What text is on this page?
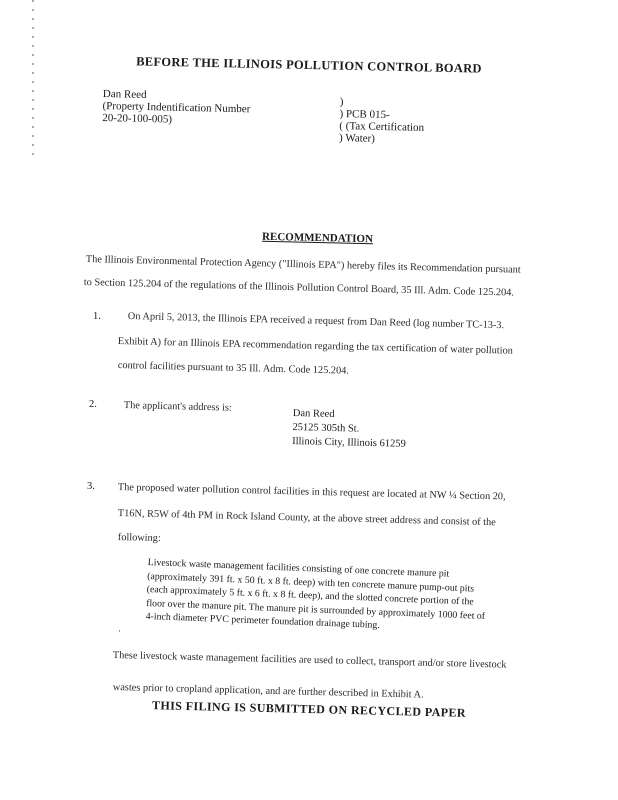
BEFORE THE ILLINOIS POLLUTION CONTROL BOARD
Dan Reed
(Property Indentification Number
20-20-100-005)
)
) PCB 015-
( (Tax Certification
) Water)
RECOMMENDATION
The Illinois Environmental Protection Agency ("Illinois EPA") hereby files its Recommendation pursuant
to Section 125.204 of the regulations of the Illinois Pollution Control Board, 35 Ill. Adm. Code 125.204.
1.	On April 5, 2013, the Illinois EPA received a request from Dan Reed (log number TC-13-3.
Exhibit A) for an Illinois EPA recommendation regarding the tax certification of water pollution
control facilities pursuant to 35 Ill. Adm. Code 125.204.
2.	The applicant's address is:
Dan Reed
25125 305th St.
Illinois City, Illinois 61259
3. The proposed water pollution control facilities in this request are located at NW ¼ Section 20,
T16N, R5W of 4th PM in Rock Island County, at the above street address and consist of the
following:
Livestock waste management facilities consisting of one concrete manure pit (approximately 391 ft. x 50 ft. x 8 ft. deep) with ten concrete manure pump-out pits (each approximately 5 ft. x 6 ft. x 8 ft. deep), and the slotted concrete portion of the floor over the manure pit. The manure pit is surrounded by approximately 1000 feet of 4-inch diameter PVC perimeter foundation drainage tubing.
·
These livestock waste management facilities are used to collect, transport and/or store livestock
wastes prior to cropland application, and are further described in Exhibit A.
THIS FILING IS SUBMITTED ON RECYCLED PAPER
